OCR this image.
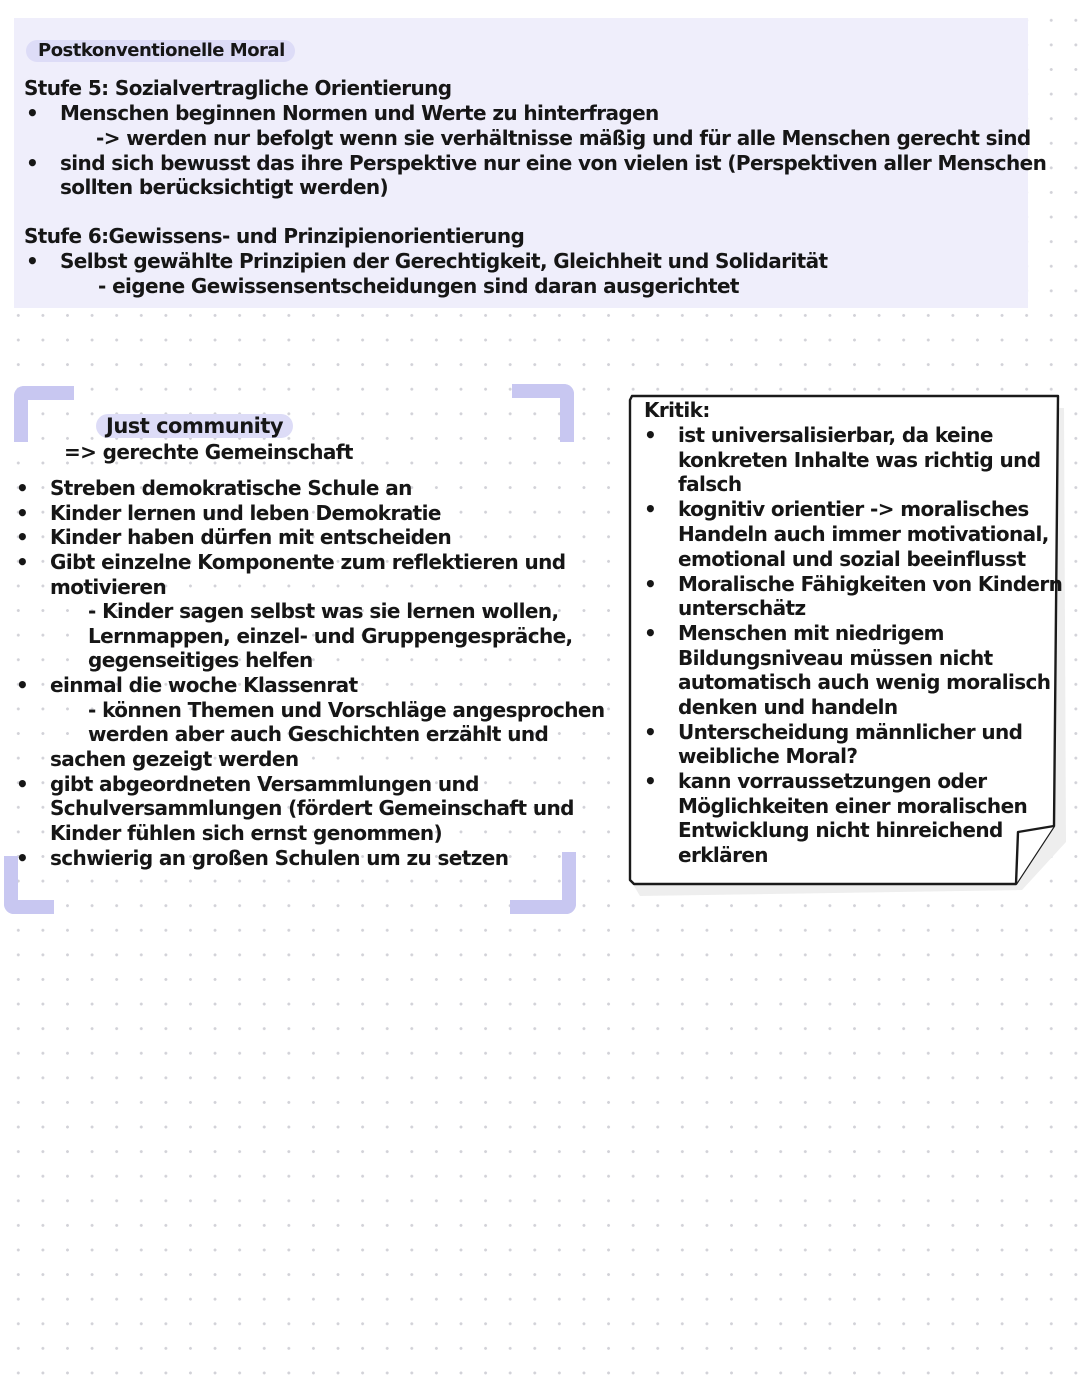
Postkonventionelle Moral
Stufe 5: Sozialvertragliche Orientierung
• Menschen beginnen Normen und Werte zu hinterfragen
-> werden nur befolgt wenn sie verhältnisse mäßig und für alle Menschen gerecht sind
• sind sich bewusst das ihre Perspektive nur eine von vielen ist (Perspektiven aller Menschen
sollten berücksichtigt werden)
Stufe 6:Gewissens- und Prinzipienorientierung
• Selbst gewählte Prinzipien der Gerechtigkeit, Gleichheit und Solidarität
- eigene Gewissensentscheidungen sind daran ausgerichtet
Just community
=> gerechte Gemeinschaft
• Streben demokratische Schule an
• Kinder lernen und leben Demokratie
• Kinder haben dürfen mit entscheiden
• Gibt einzelne Komponente zum reflektieren und
motivieren
- Kinder sagen selbst was sie lernen wollen,
Lernmappen, einzel- und Gruppengespräche,
gegenseitiges helfen
• einmal die woche Klassenrat
- können Themen und Vorschläge angesprochen
werden aber auch Geschichten erzählt und
sachen gezeigt werden
• gibt abgeordneten Versammlungen und
Schulversammlungen (fördert Gemeinschaft und
Kinder fühlen sich ernst genommen)
• schwierig an großen Schulen um zu setzen
Kritik:
• ist universalisierbar, da keine
konkreten Inhalte was richtig und
falsch
• kognitiv orientier -> moralisches
Handeln auch immer motivational,
emotional und sozial beeinflusst
• Moralische Fähigkeiten von Kindern
unterschätz
• Menschen mit niedrigem
Bildungsniveau müssen nicht
automatisch auch wenig moralisch
denken und handeln
• Unterscheidung männlicher und
weibliche Moral?
• kann vorraussetzungen oder
Möglichkeiten einer moralischen
Entwicklung nicht hinreichend
erklären
